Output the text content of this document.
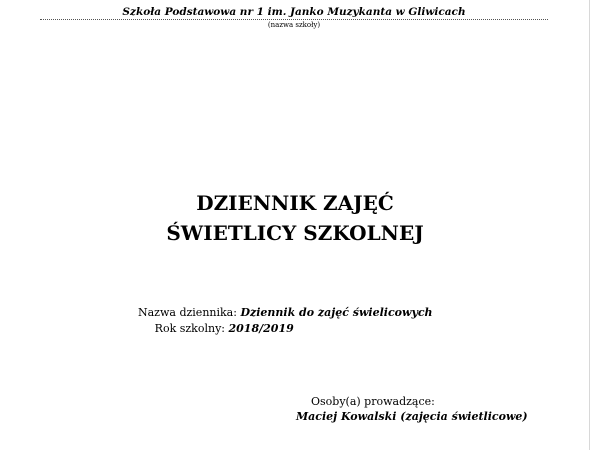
Szkoła Podstawowa nr 1 im. Janko Muzykanta w Gliwicach
(nazwa szkoły)
DZIENNIK ZAJĘĆ
ŚWIETLICY SZKOLNEJ
Nazwa dziennika: Dziennik do zajęć świelicowych
Rok szkolny: 2018/2019
Osoby(a) prowadzące:
Maciej Kowalski (zajęcia świetlicowe)
